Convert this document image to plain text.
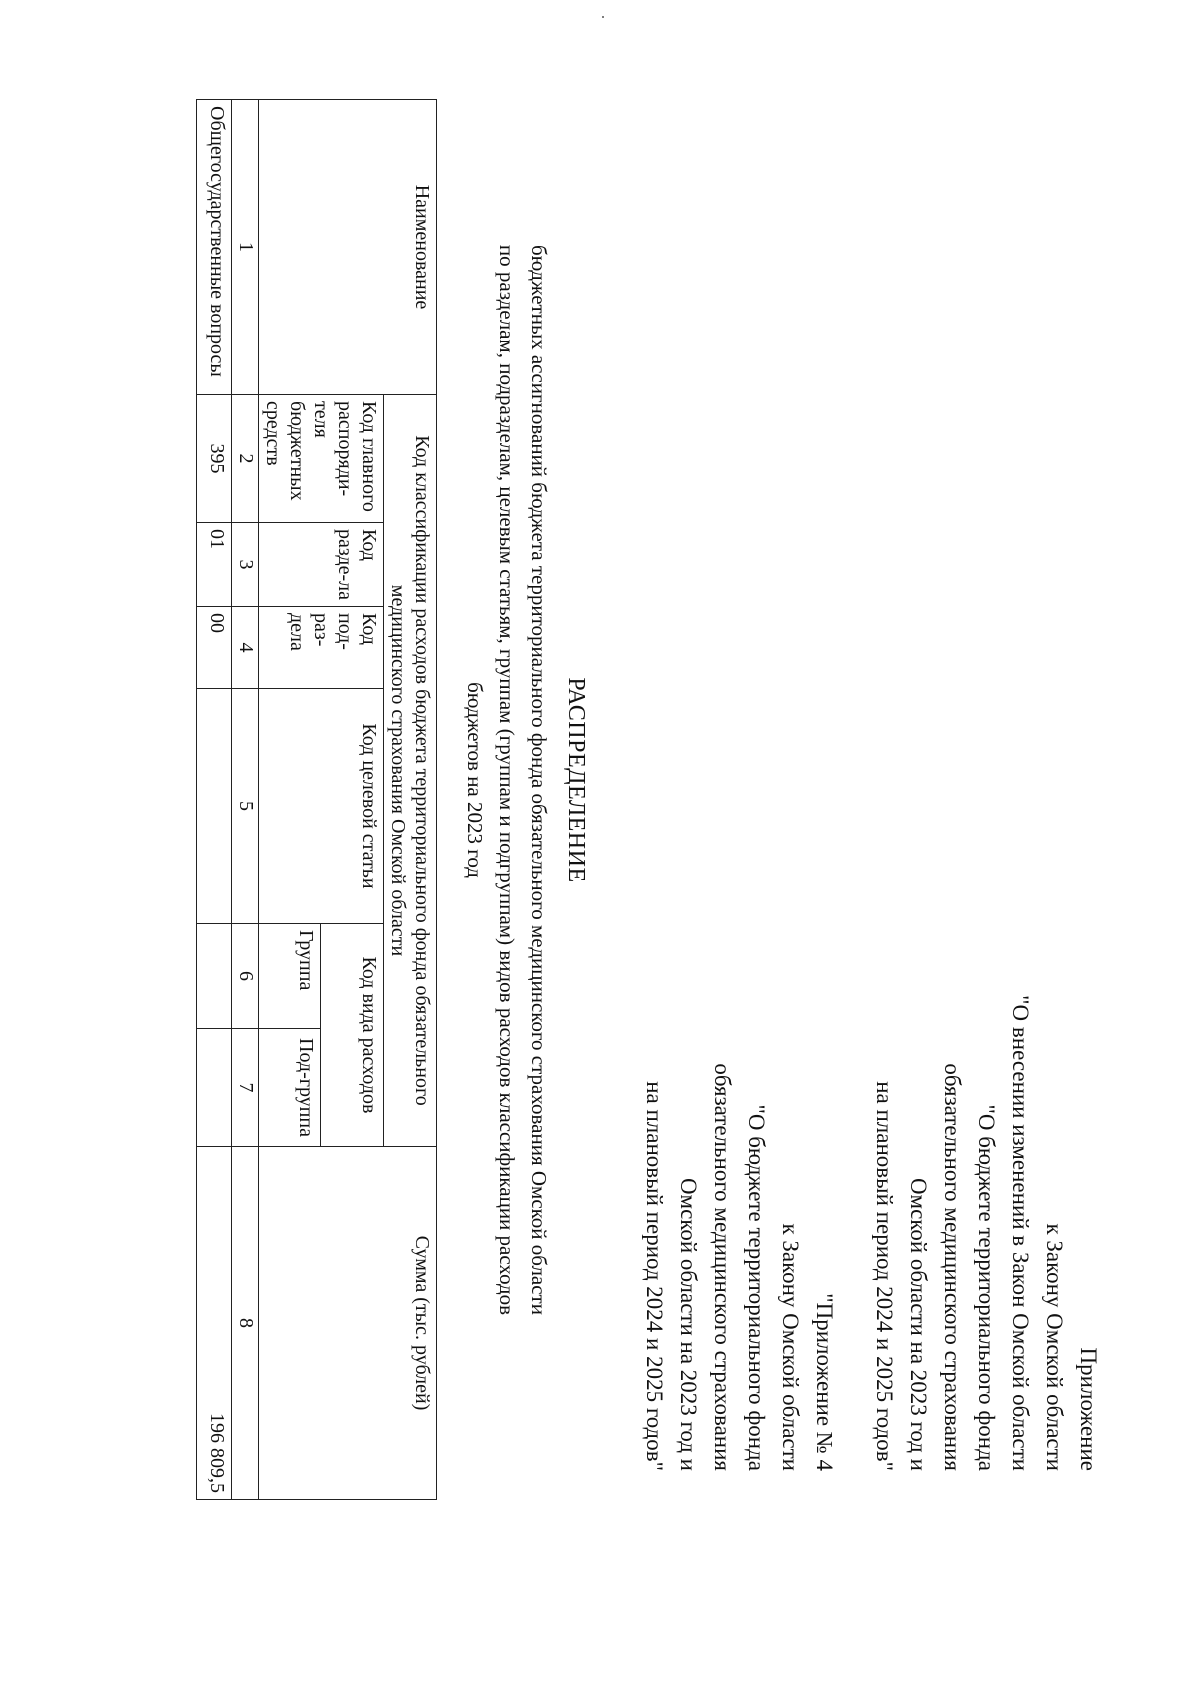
Приложение
к Закону Омской области
"О внесении изменений в Закон Омской области
"О бюджете территориального фонда
обязательного медицинского страхования
Омской области на 2023 год и
на плановый период 2024 и 2025 годов"
"Приложение № 4
к Закону Омской области
"О бюджете территориального фонда
обязательного медицинского страхования
Омской области на 2023 год и
на плановый период 2024 и 2025 годов"
РАСПРЕДЕЛЕНИЕ
бюджетных ассигнований бюджета территориального фонда обязательного медицинского страхования Омской области
по разделам, подразделам, целевым статьям, группам (группам и подгруппам) видов расходов классификации расходов
бюджетов на 2023 год
Наименование	Код классификации расходов бюджета территориального фонда обязательного медицинского страхования Омской области						Сумма (тыс. рублей)
	Код главного распоряди-теля бюджетных средств	Код разде-ла	Код под-раз-дела	Код целевой статьи	Код вида расходов		
					Группа	Под-группа	
1	2	3	4	5	6	7	8
Общегосударственные вопросы	395	01	00				196 809,5
